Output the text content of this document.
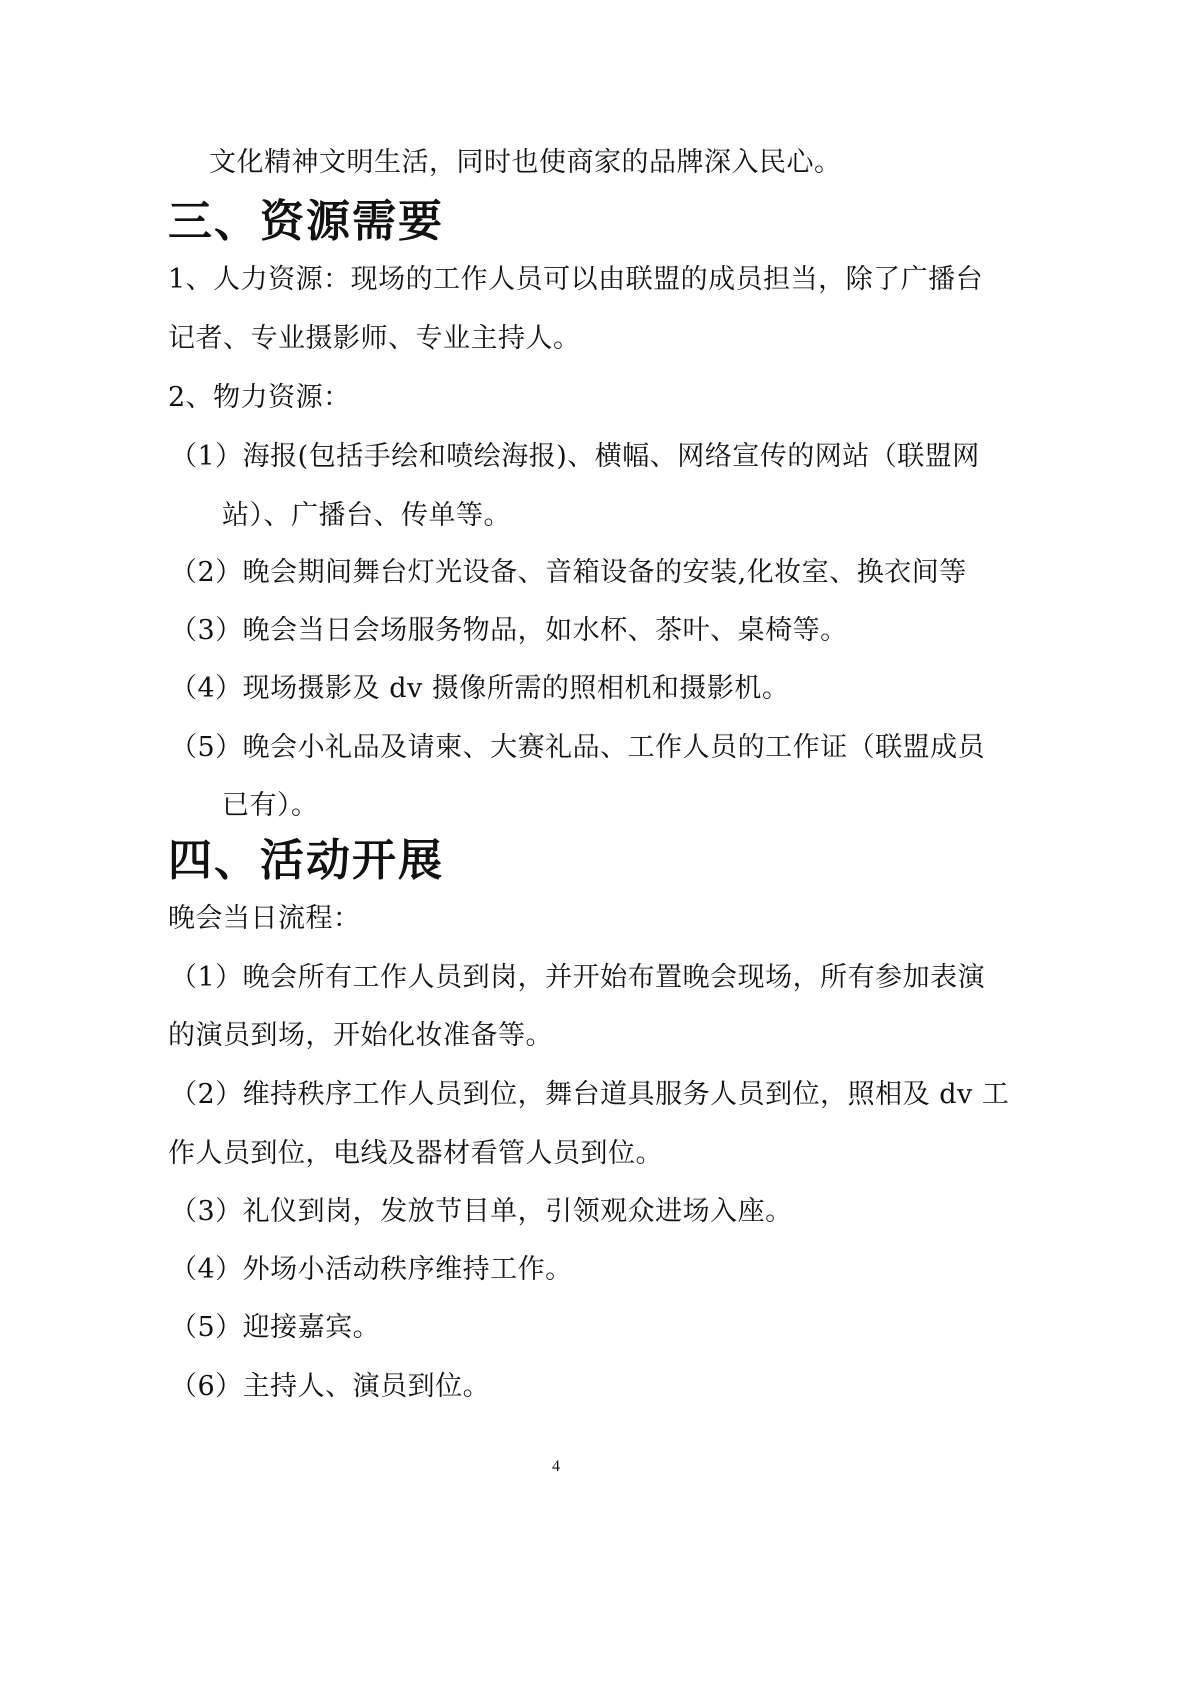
文化精神文明生活，同时也使商家的品牌深入民心。
三、资源需要
1、人力资源：现场的工作人员可以由联盟的成员担当，除了广播台
记者、专业摄影师、专业主持人。
2、物力资源：
（1）海报(包括手绘和喷绘海报)、横幅、网络宣传的网站（联盟网
站）、广播台、传单等。
（2）晚会期间舞台灯光设备、音箱设备的安装,化妆室、换衣间等
（3）晚会当日会场服务物品，如水杯、茶叶、桌椅等。
（4）现场摄影及 dv 摄像所需的照相机和摄影机。
（5）晚会小礼品及请柬、大赛礼品、工作人员的工作证（联盟成员
已有）。
四、活动开展
晚会当日流程：
（1）晚会所有工作人员到岗，并开始布置晚会现场，所有参加表演
的演员到场，开始化妆准备等。
（2）维持秩序工作人员到位，舞台道具服务人员到位，照相及 dv 工
作人员到位，电线及器材看管人员到位。
（3）礼仪到岗，发放节目单，引领观众进场入座。
（4）外场小活动秩序维持工作。
（5）迎接嘉宾。
（6）主持人、演员到位。
4
